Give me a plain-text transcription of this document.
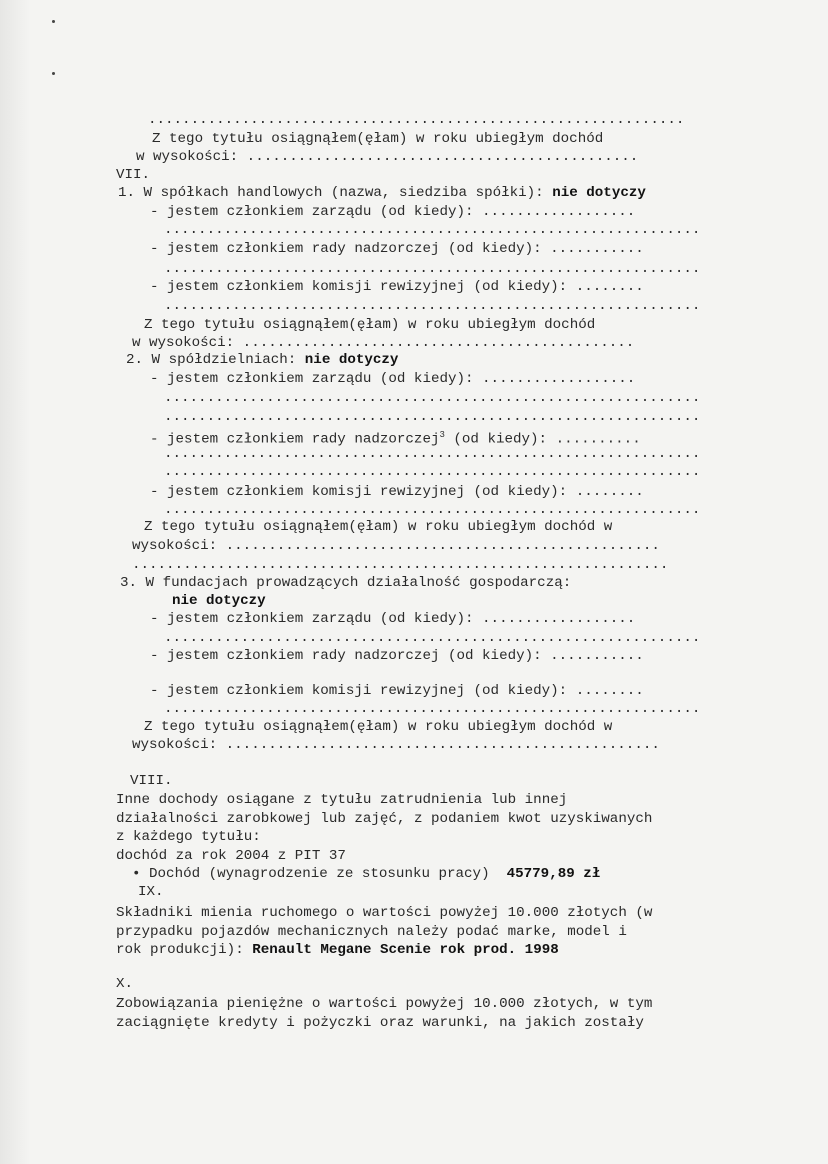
...............................................................
Z tego tytułu osiągnąłem(ęłam) w roku ubiegłym dochód
w wysokości: ..............................................
VII.
1. W spółkach handlowych (nazwa, siedziba spółki): nie dotyczy
- jestem członkiem zarządu (od kiedy): ..................
...............................................................
- jestem członkiem rady nadzorczej (od kiedy): ...........
...............................................................
- jestem członkiem komisji rewizyjnej (od kiedy): ........
...............................................................
Z tego tytułu osiągnąłem(ęłam) w roku ubiegłym dochód
w wysokości: ..............................................
2. W spółdzielniach: nie dotyczy
- jestem członkiem zarządu (od kiedy): ..................
...............................................................
...............................................................
- jestem członkiem rady nadzorczej$^3$ (od kiedy): ..........
...............................................................
...............................................................
- jestem członkiem komisji rewizyjnej (od kiedy): ........
...............................................................
Z tego tytułu osiągnąłem(ęłam) w roku ubiegłym dochód w
wysokości: ...................................................
...............................................................
3. W fundacjach prowadzących działalność gospodarczą:
nie dotyczy
- jestem członkiem zarządu (od kiedy): ..................
...............................................................
- jestem członkiem rady nadzorczej (od kiedy): ...........
- jestem członkiem komisji rewizyjnej (od kiedy): ........
...............................................................
Z tego tytułu osiągnąłem(ęłam) w roku ubiegłym dochód w
wysokości: ...................................................
VIII.
Inne dochody osiągane z tytułu zatrudnienia lub innej
działalności zarobkowej lub zajęć, z podaniem kwot uzyskiwanych
z każdego tytułu:
dochód za rok 2004 z PIT 37
• Dochód (wynagrodzenie ze stosunku pracy)  45779,89 zł
IX.
Składniki mienia ruchomego o wartości powyżej 10.000 złotych (w
przypadku pojazdów mechanicznych należy podać marke, model i
rok produkcji): Renault Megane Scenie rok prod. 1998
X.
Zobowiązania pieniężne o wartości powyżej 10.000 złotych, w tym
zaciągnięte kredyty i pożyczki oraz warunki, na jakich zostały
